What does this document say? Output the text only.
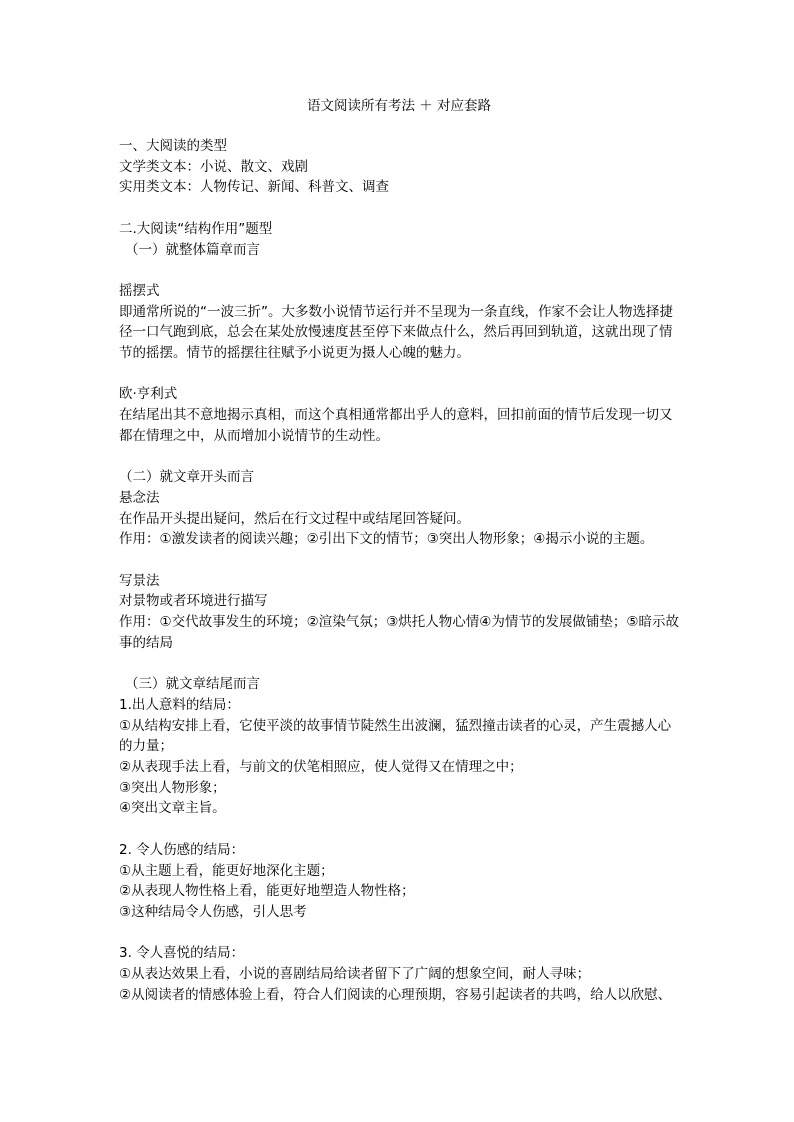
语文阅读所有考法 ＋ 对应套路
一、大阅读的类型
文学类文本：小说、散文、戏剧
实用类文本：人物传记、新闻、科普文、调查
二.大阅读“结构作用”题型
（一）就整体篇章而言
摇摆式
即通常所说的“一波三折”。大多数小说情节运行并不呈现为一条直线，作家不会让人物选择捷径一口气跑到底，总会在某处放慢速度甚至停下来做点什么，然后再回到轨道，这就出现了情节的摇摆。情节的摇摆往往赋予小说更为摄人心魄的魅力。
欧·亨利式
在结尾出其不意地揭示真相，而这个真相通常都出乎人的意料，回扣前面的情节后发现一切又都在情理之中，从而增加小说情节的生动性。
（二）就文章开头而言
悬念法
在作品开头提出疑问，然后在行文过程中或结尾回答疑问。
作用：①激发读者的阅读兴趣；②引出下文的情节；③突出人物形象；④揭示小说的主题。
写景法
对景物或者环境进行描写
作用：①交代故事发生的环境；②渲染气氛；③烘托人物心情④为情节的发展做铺垫；⑤暗示故事的结局
（三）就文章结尾而言
1.出人意料的结局：
①从结构安排上看，它使平淡的故事情节陡然生出波澜，猛烈撞击读者的心灵，产生震撼人心的力量；
②从表现手法上看，与前文的伏笔相照应，使人觉得又在情理之中；
③突出人物形象；
④突出文章主旨。
2. 令人伤感的结局：
①从主题上看，能更好地深化主题；
②从表现人物性格上看，能更好地塑造人物性格；
③这种结局令人伤感，引人思考
3. 令人喜悦的结局：
①从表达效果上看，小说的喜剧结局给读者留下了广阔的想象空间，耐人寻味；
②从阅读者的情感体验上看，符合人们阅读的心理预期，容易引起读者的共鸣，给人以欣慰、
